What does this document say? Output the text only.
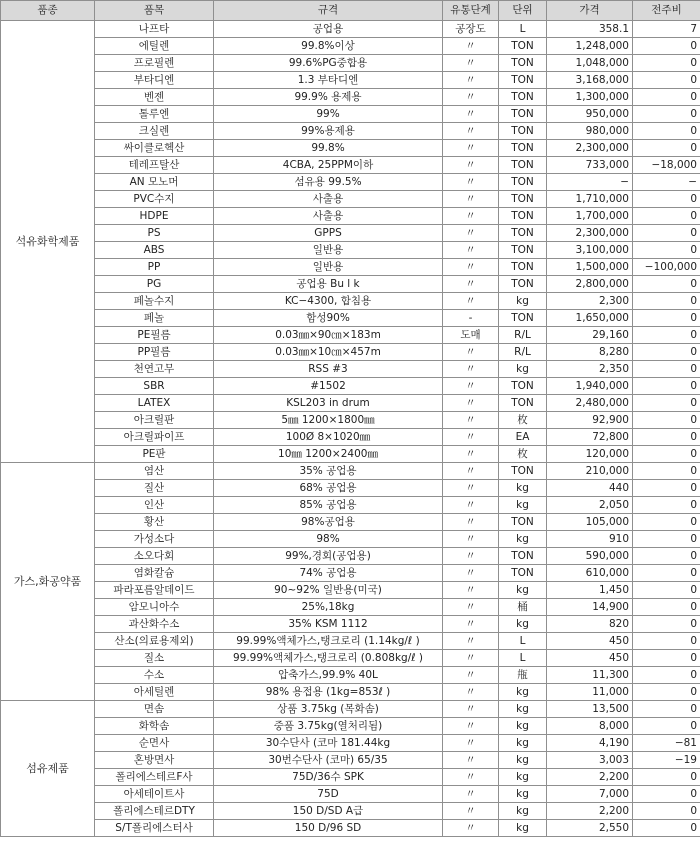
품종	품목	규격	유통단계	단위	가격	전주비
석유화학제품	나프타	공업용	공장도	L	358.1	7
	에틸렌	99.8%이상	〃	TON	1,248,000	0
	프로필렌	99.6%PG중합용	〃	TON	1,048,000	0
	부타디엔	1.3 부타디엔	〃	TON	3,168,000	0
	벤젠	99.9% 용제용	〃	TON	1,300,000	0
	톨루엔	99%	〃	TON	950,000	0
	크실렌	99%용제용	〃	TON	980,000	0
	싸이클로헥산	99.8%	〃	TON	2,300,000	0
	테레프탈산	4CBA, 25PPM이하	〃	TON	733,000	−18,000
	AN 모노머	섬유용 99.5%	〃	TON	−	−
	PVC수지	사출용	〃	TON	1,710,000	0
	HDPE	사출용	〃	TON	1,700,000	0
	PS	GPPS	〃	TON	2,300,000	0
	ABS	일반용	〃	TON	3,100,000	0
	PP	일반용	〃	TON	1,500,000	−100,000
	PG	공업용 Bu l k	〃	TON	2,800,000	0
	페놀수지	KC−4300, 합침용	〃	kg	2,300	0
	페놀	함성90%	-	TON	1,650,000	0
	PE필름	0.03㎜×90㎝×183m	도매	R/L	29,160	0
	PP필름	0.03㎜×10㎝×457m	〃	R/L	8,280	0
	천연고무	RSS #3	〃	kg	2,350	0
	SBR	#1502	〃	TON	1,940,000	0
	LATEX	KSL203 in drum	〃	TON	2,480,000	0
	아크릴판	5㎜ 1200×1800㎜	〃	枚	92,900	0
	아크릴파이프	100Ø 8×1020㎜	〃	EA	72,800	0
	PE판	10㎜ 1200×2400㎜	〃	枚	120,000	0
가스,화공약품	염산	35% 공업용	〃	TON	210,000	0
	질산	68% 공업용	〃	kg	440	0
	인산	85% 공업용	〃	kg	2,050	0
	황산	98%공업용	〃	TON	105,000	0
	가성소다	98%	〃	kg	910	0
	소오다회	99%,경회(공업용)	〃	TON	590,000	0
	염화칼슘	74% 공업용	〃	TON	610,000	0
	파라포름알데이드	90~92% 일반용(미국)	〃	kg	1,450	0
	암모니아수	25%,18kg	〃	桶	14,900	0
	과산화수소	35% KSM 1112	〃	kg	820	0
	산소(의료용제외)	99.99%액체가스,탱크로리 (1.14kg/ℓ )	〃	L	450	0
	질소	99.99%액체가스,탱크로리 (0.808kg/ℓ )	〃	L	450	0
	수소	압축가스,99.9% 40L	〃	甁	11,300	0
	아세틸렌	98% 용접용 (1kg=853ℓ )	〃	kg	11,000	0
섬유제품	면솜	상품 3.75kg (목화솜)	〃	kg	13,500	0
	화학솜	중품 3.75kg(열처리됨)	〃	kg	8,000	0
	순면사	30수단사 (코마 181.44kg	〃	kg	4,190	−81
	혼방면사	30번수단사 (코마) 65/35	〃	kg	3,003	−19
	폴리에스테르F사	75D/36수 SPK	〃	kg	2,200	0
	아세테이트사	75D	〃	kg	7,000	0
	폴리에스테르DTY	150 D/SD A급	〃	kg	2,200	0
	S/T폴리에스터사	150 D/96 SD	〃	kg	2,550	0
